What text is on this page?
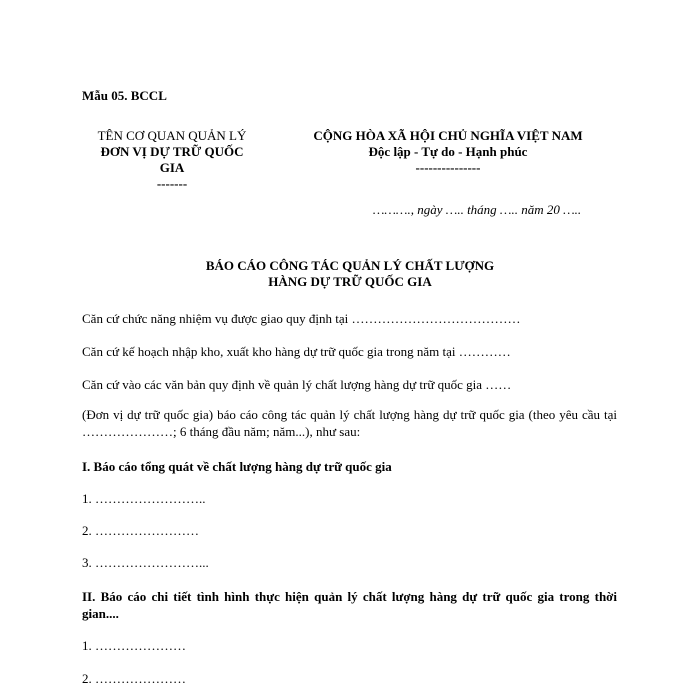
Mẫu 05. BCCL
TÊN CƠ QUAN QUẢN LÝ
ĐƠN VỊ DỰ TRỮ QUỐC
GIA
-------
CỘNG HÒA XÃ HỘI CHỦ NGHĨA VIỆT NAM
Độc lập - Tự do - Hạnh phúc
---------------
………., ngày ….. tháng ….. năm 20 …..
BÁO CÁO CÔNG TÁC QUẢN LÝ CHẤT LƯỢNG
HÀNG DỰ TRỮ QUỐC GIA
Căn cứ chức năng nhiệm vụ được giao quy định tại …………………………………
Căn cứ kế hoạch nhập kho, xuất kho hàng dự trữ quốc gia trong năm tại …………
Căn cứ vào các văn bản quy định về quản lý chất lượng hàng dự trữ quốc gia ……
(Đơn vị dự trữ quốc gia) báo cáo công tác quản lý chất lượng hàng dự trữ quốc gia (theo yêu cầu tại …………………; 6 tháng đầu năm; năm...), như sau:
I. Báo cáo tổng quát về chất lượng hàng dự trữ quốc gia
1. ……………………..
2. ……………………
3. ……………………...
II. Báo cáo chi tiết tình hình thực hiện quản lý chất lượng hàng dự trữ quốc gia trong thời gian....
1. …………………
2. …………………
